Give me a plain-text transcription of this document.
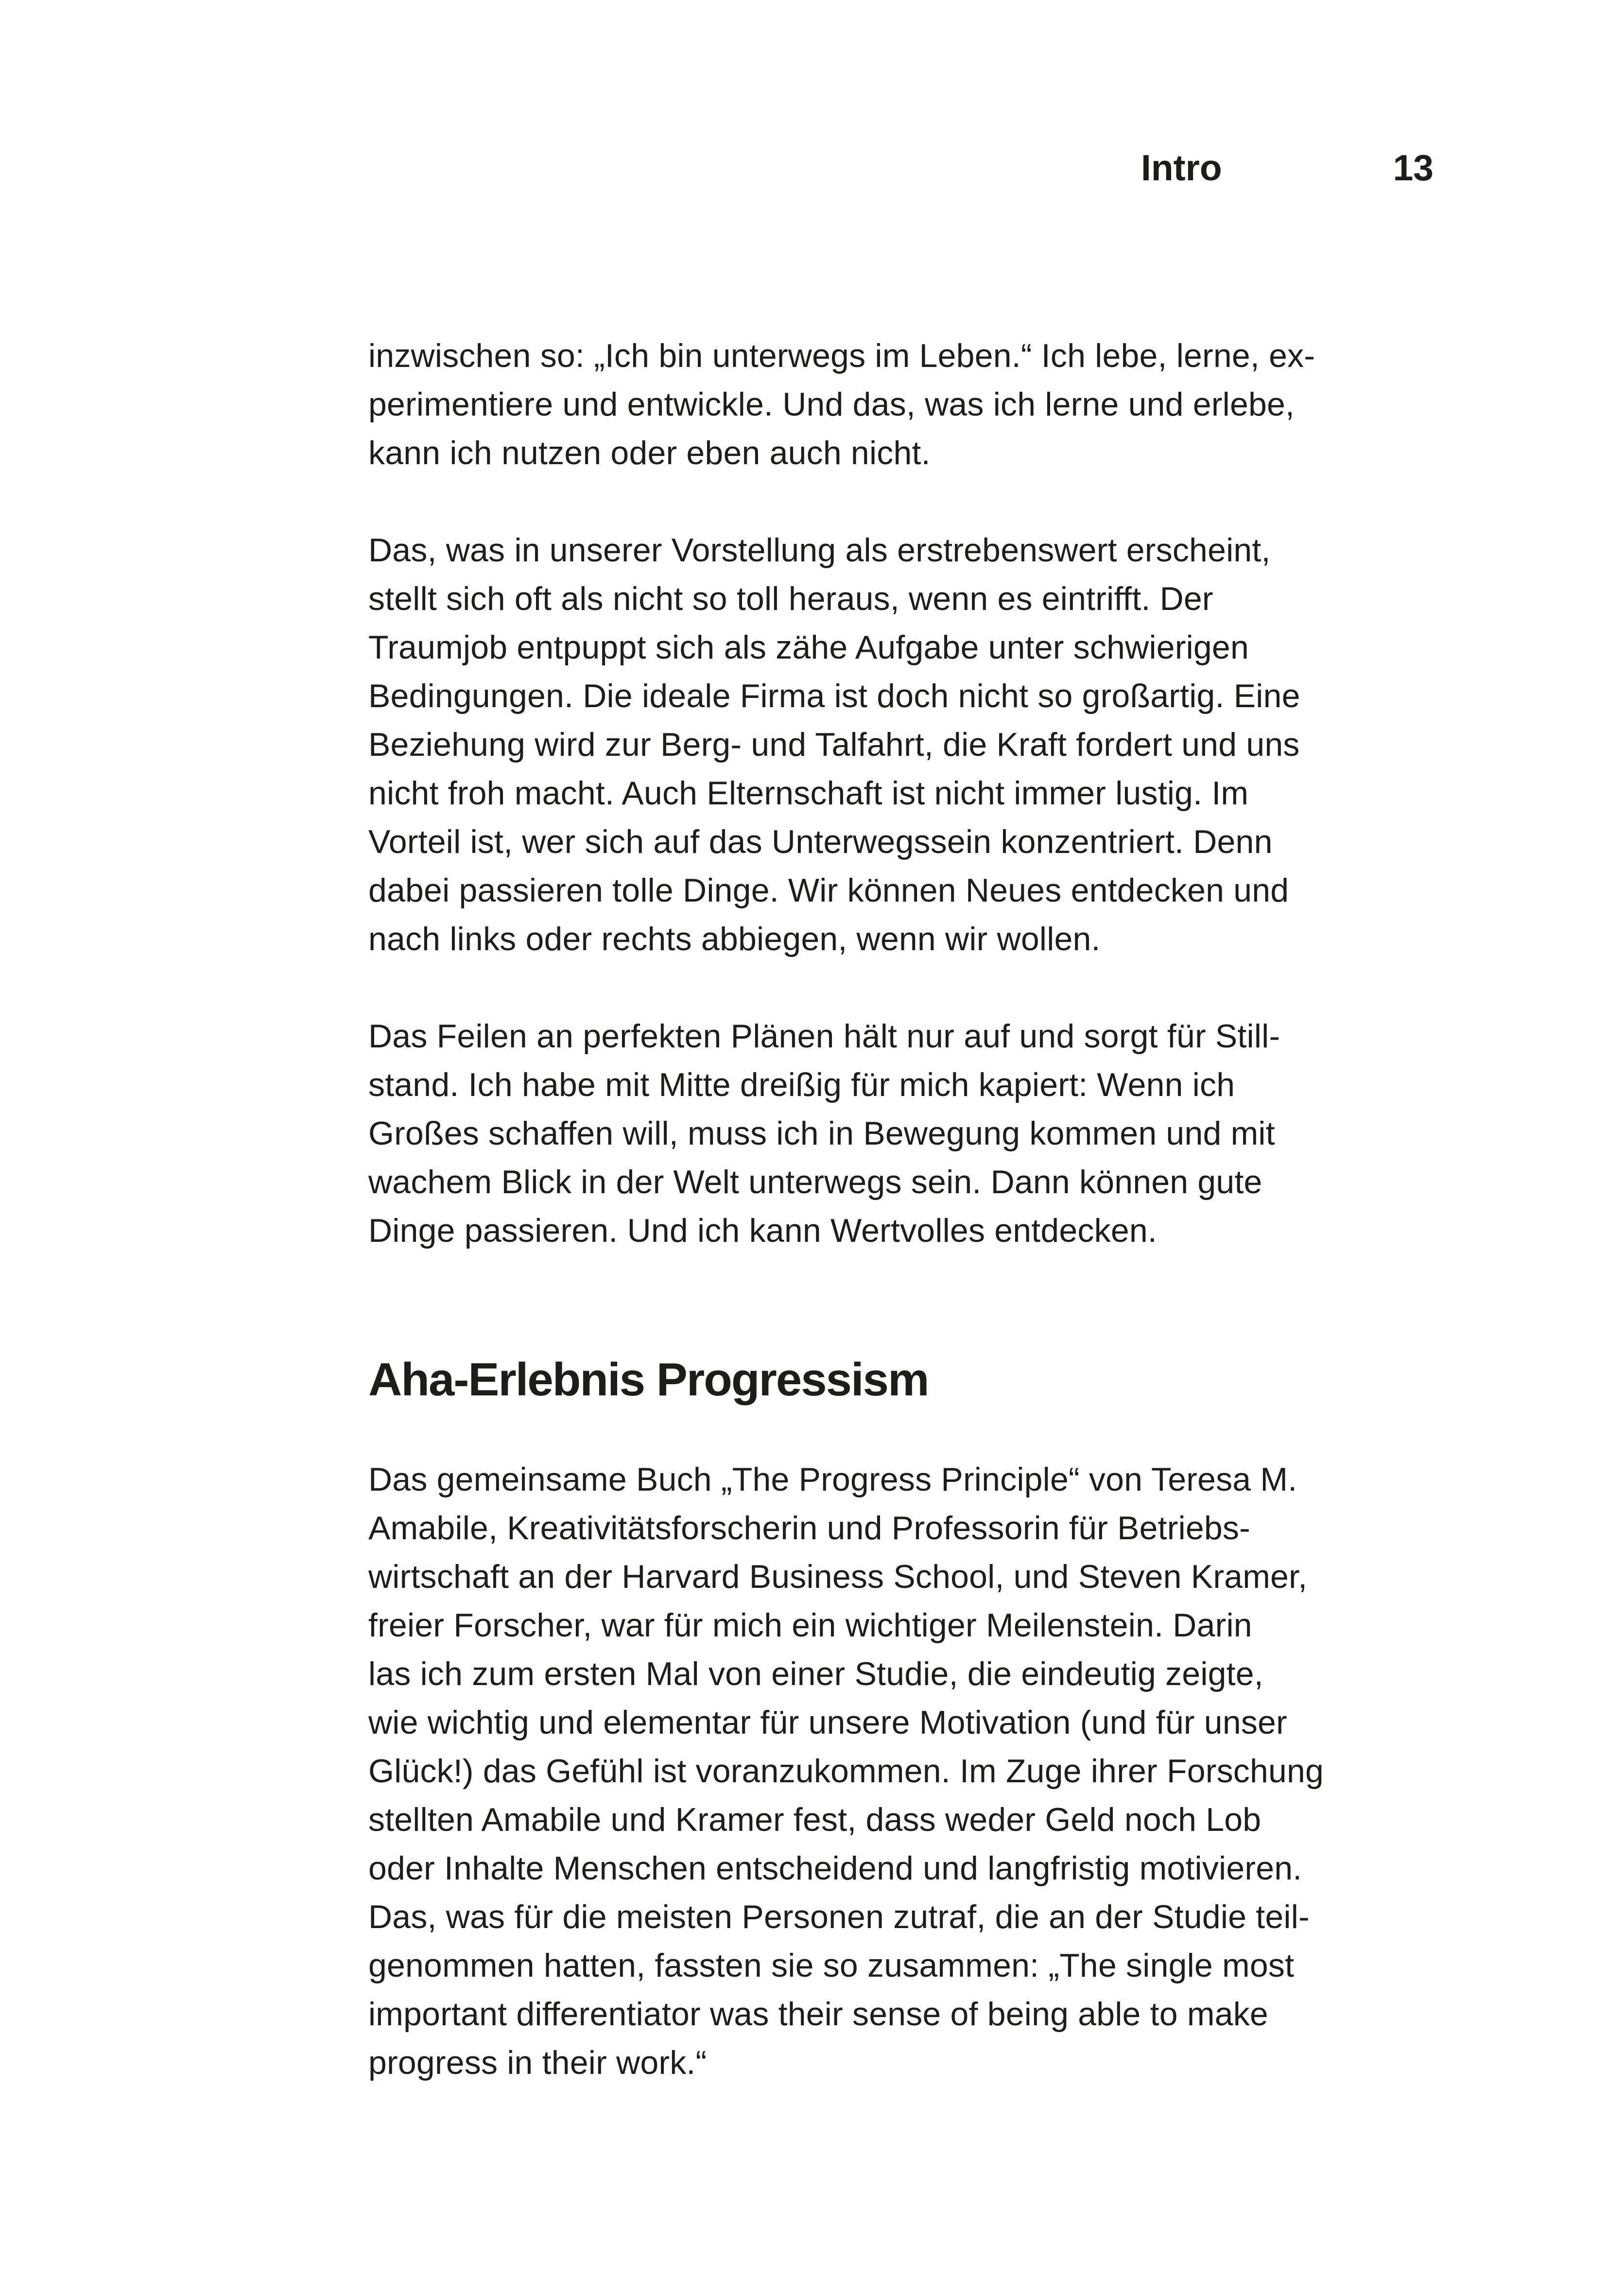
Intro	13

inzwischen so: „Ich bin unterwegs im Leben.“ Ich lebe, lerne, ex-
perimentiere und entwickle. Und das, was ich lerne und erlebe,
kann ich nutzen oder eben auch nicht.

Das, was in unserer Vorstellung als erstrebenswert erscheint,
stellt sich oft als nicht so toll heraus, wenn es eintrifft. Der
Traumjob entpuppt sich als zähe Aufgabe unter schwierigen
Bedingungen. Die ideale Firma ist doch nicht so großartig. Eine
Beziehung wird zur Berg- und Talfahrt, die Kraft fordert und uns
nicht froh macht. Auch Elternschaft ist nicht immer lustig. Im
Vorteil ist, wer sich auf das Unterwegssein konzentriert. Denn
dabei passieren tolle Dinge. Wir können Neues entdecken und
nach links oder rechts abbiegen, wenn wir wollen.

Das Feilen an perfekten Plänen hält nur auf und sorgt für Still-
stand. Ich habe mit Mitte dreißig für mich kapiert: Wenn ich
Großes schaffen will, muss ich in Bewegung kommen und mit
wachem Blick in der Welt unterwegs sein. Dann können gute
Dinge passieren. Und ich kann Wertvolles entdecken.

Aha-Erlebnis Progressism

Das gemeinsame Buch „The Progress Principle“ von Teresa M.
Amabile, Kreativitätsforscherin und Professorin für Betriebs-
wirtschaft an der Harvard Business School, und Steven Kramer,
freier Forscher, war für mich ein wichtiger Meilenstein. Darin
las ich zum ersten Mal von einer Studie, die eindeutig zeigte,
wie wichtig und elementar für unsere Motivation (und für unser
Glück!) das Gefühl ist voranzukommen. Im Zuge ihrer Forschung
stellten Amabile und Kramer fest, dass weder Geld noch Lob
oder Inhalte Menschen entscheidend und langfristig motivieren.
Das, was für die meisten Personen zutraf, die an der Studie teil-
genommen hatten, fassten sie so zusammen: „The single most
important differentiator was their sense of being able to make
progress in their work.“
